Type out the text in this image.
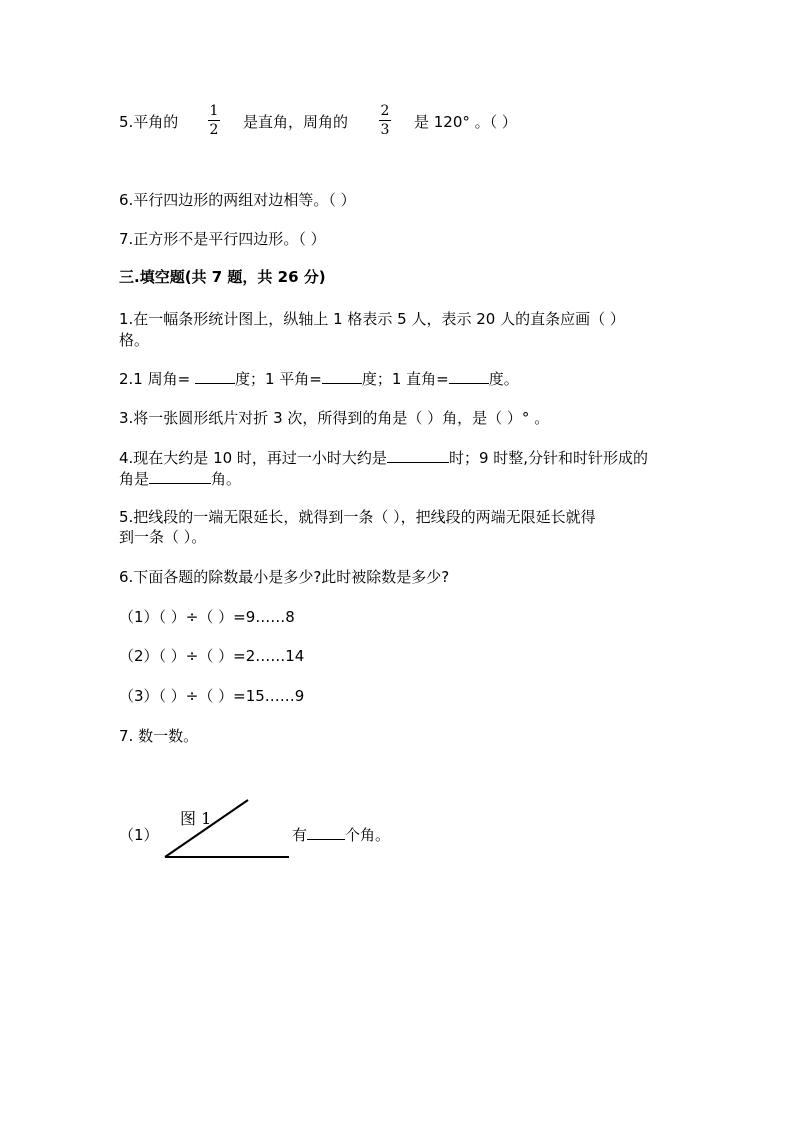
5.平角的
1
2 是直角，周角的
2
3 是 120° 。（ ）
6.平行四边形的两组对边相等。（ ）
7.正方形不是平行四边形。（ ）
三.填空题(共 7 题，共 26 分)
1.在一幅条形统计图上，纵轴上 1 格表示 5 人，表示 20 人的直条应画（ ）
格。
2.1 周角=	度；1 平角=	度；1 直角=	度。
3.将一张圆形纸片对折 3 次，所得到的角是（ ）角，是（ ）° 。
4.现在大约是 10 时，再过一小时大约是	时；9 时整,分针和时针形成的
角是	角。
5.把线段的一端无限延长，就得到一条（ ），把线段的两端无限延长就得
到一条（ ）。
6.下面各题的除数最小是多少?此时被除数是多少?
（1）（ ）÷（ ）=9……8
（2）（ ）÷（ ）=2……14
（3）（ ）÷（ ）=15……9
7. 数一数。
（1）
图 1
有	个角。
